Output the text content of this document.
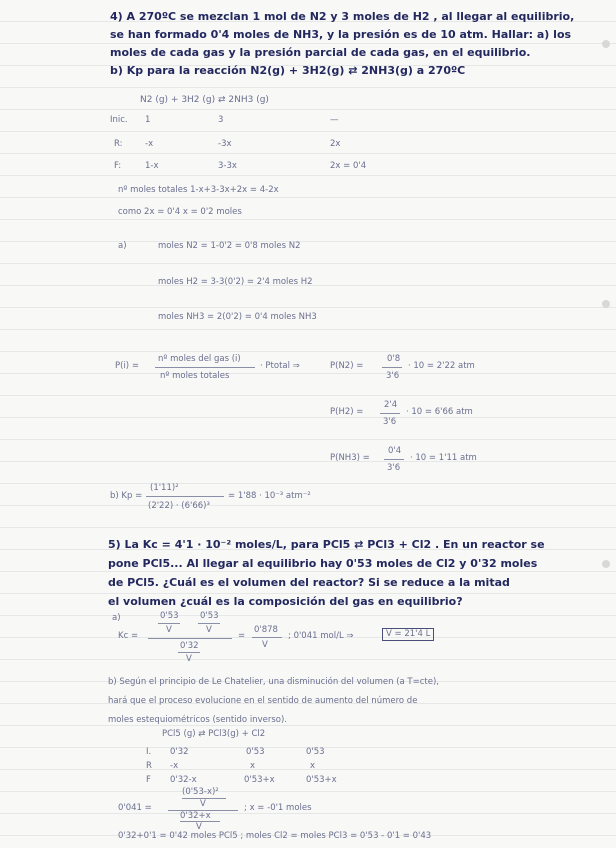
4) A 270ºC se mezclan 1 mol de N2 y 3 moles de H2 , al llegar al equilibrio,
se han formado 0'4 moles de NH3, y la presión es de 10 atm. Hallar: a) los
moles de cada gas y la presión parcial de cada gas, en el equilibrio.
b) Kp para la reacción N2(g) + 3H2(g) ⇄ 2NH3(g) a 270ºC
N2 (g) + 3H2 (g) ⇄ 2NH3 (g)
Inic. 1	3	—
R:	-x	-3x	2x
F:	1-x	3-3x	2x = 0'4
nº moles totales 1-x+3-3x+2x = 4-2x
como 2x = 0'4 x = 0'2 moles
a)	moles N2 = 1-0'2 = 0'8 moles N2
moles H2 = 3-3(0'2) = 2'4 moles H2
moles NH3 = 2(0'2) = 0'4 moles NH3
P(i) =
nº moles del gas (i)
nº moles totales
· Ptotal ⇒	P(N2) =
0'8
3'6
· 10 = 2'22 atm
P(H2) =
2'4
3'6
· 10 = 6'66 atm
P(NH3) =
0'4
3'6
· 10 = 1'11 atm
b) Kp =
(1'11)²
(2'22) · (6'66)³
= 1'88 · 10⁻³ atm⁻²
5) La Kc = 4'1 · 10⁻² moles/L, para PCl5 ⇄ PCl3 + Cl2 . En un reactor se
pone PCl5... Al llegar al equilibrio hay 0'53 moles de Cl2 y 0'32 moles
de PCl5. ¿Cuál es el volumen del reactor? Si se reduce a la mitad
el volumen ¿cuál es la composición del gas en equilibrio?
a)
Kc =
0'53
V
0'53
V
0'32
V
=
0'878
V
; 0'041 mol/L ⇒	V = 21'4 L
b) Según el principio de Le Chatelier, una disminución del volumen (a T=cte),
hará que el proceso evolucione en el sentido de aumento del número de
moles estequiométricos (sentido inverso).
PCl5 (g) ⇄ PCl3(g) + Cl2
I. 0'32	0'53	0'53
R -x	x	x
F 0'32-x	0'53+x	0'53+x
0'041 =
(0'53-x)²
V
0'32+x
V
; x = -0'1 moles
0'32+0'1 = 0'42 moles PCl5 ; moles Cl2 = moles PCl3 = 0'53 - 0'1 = 0'43
